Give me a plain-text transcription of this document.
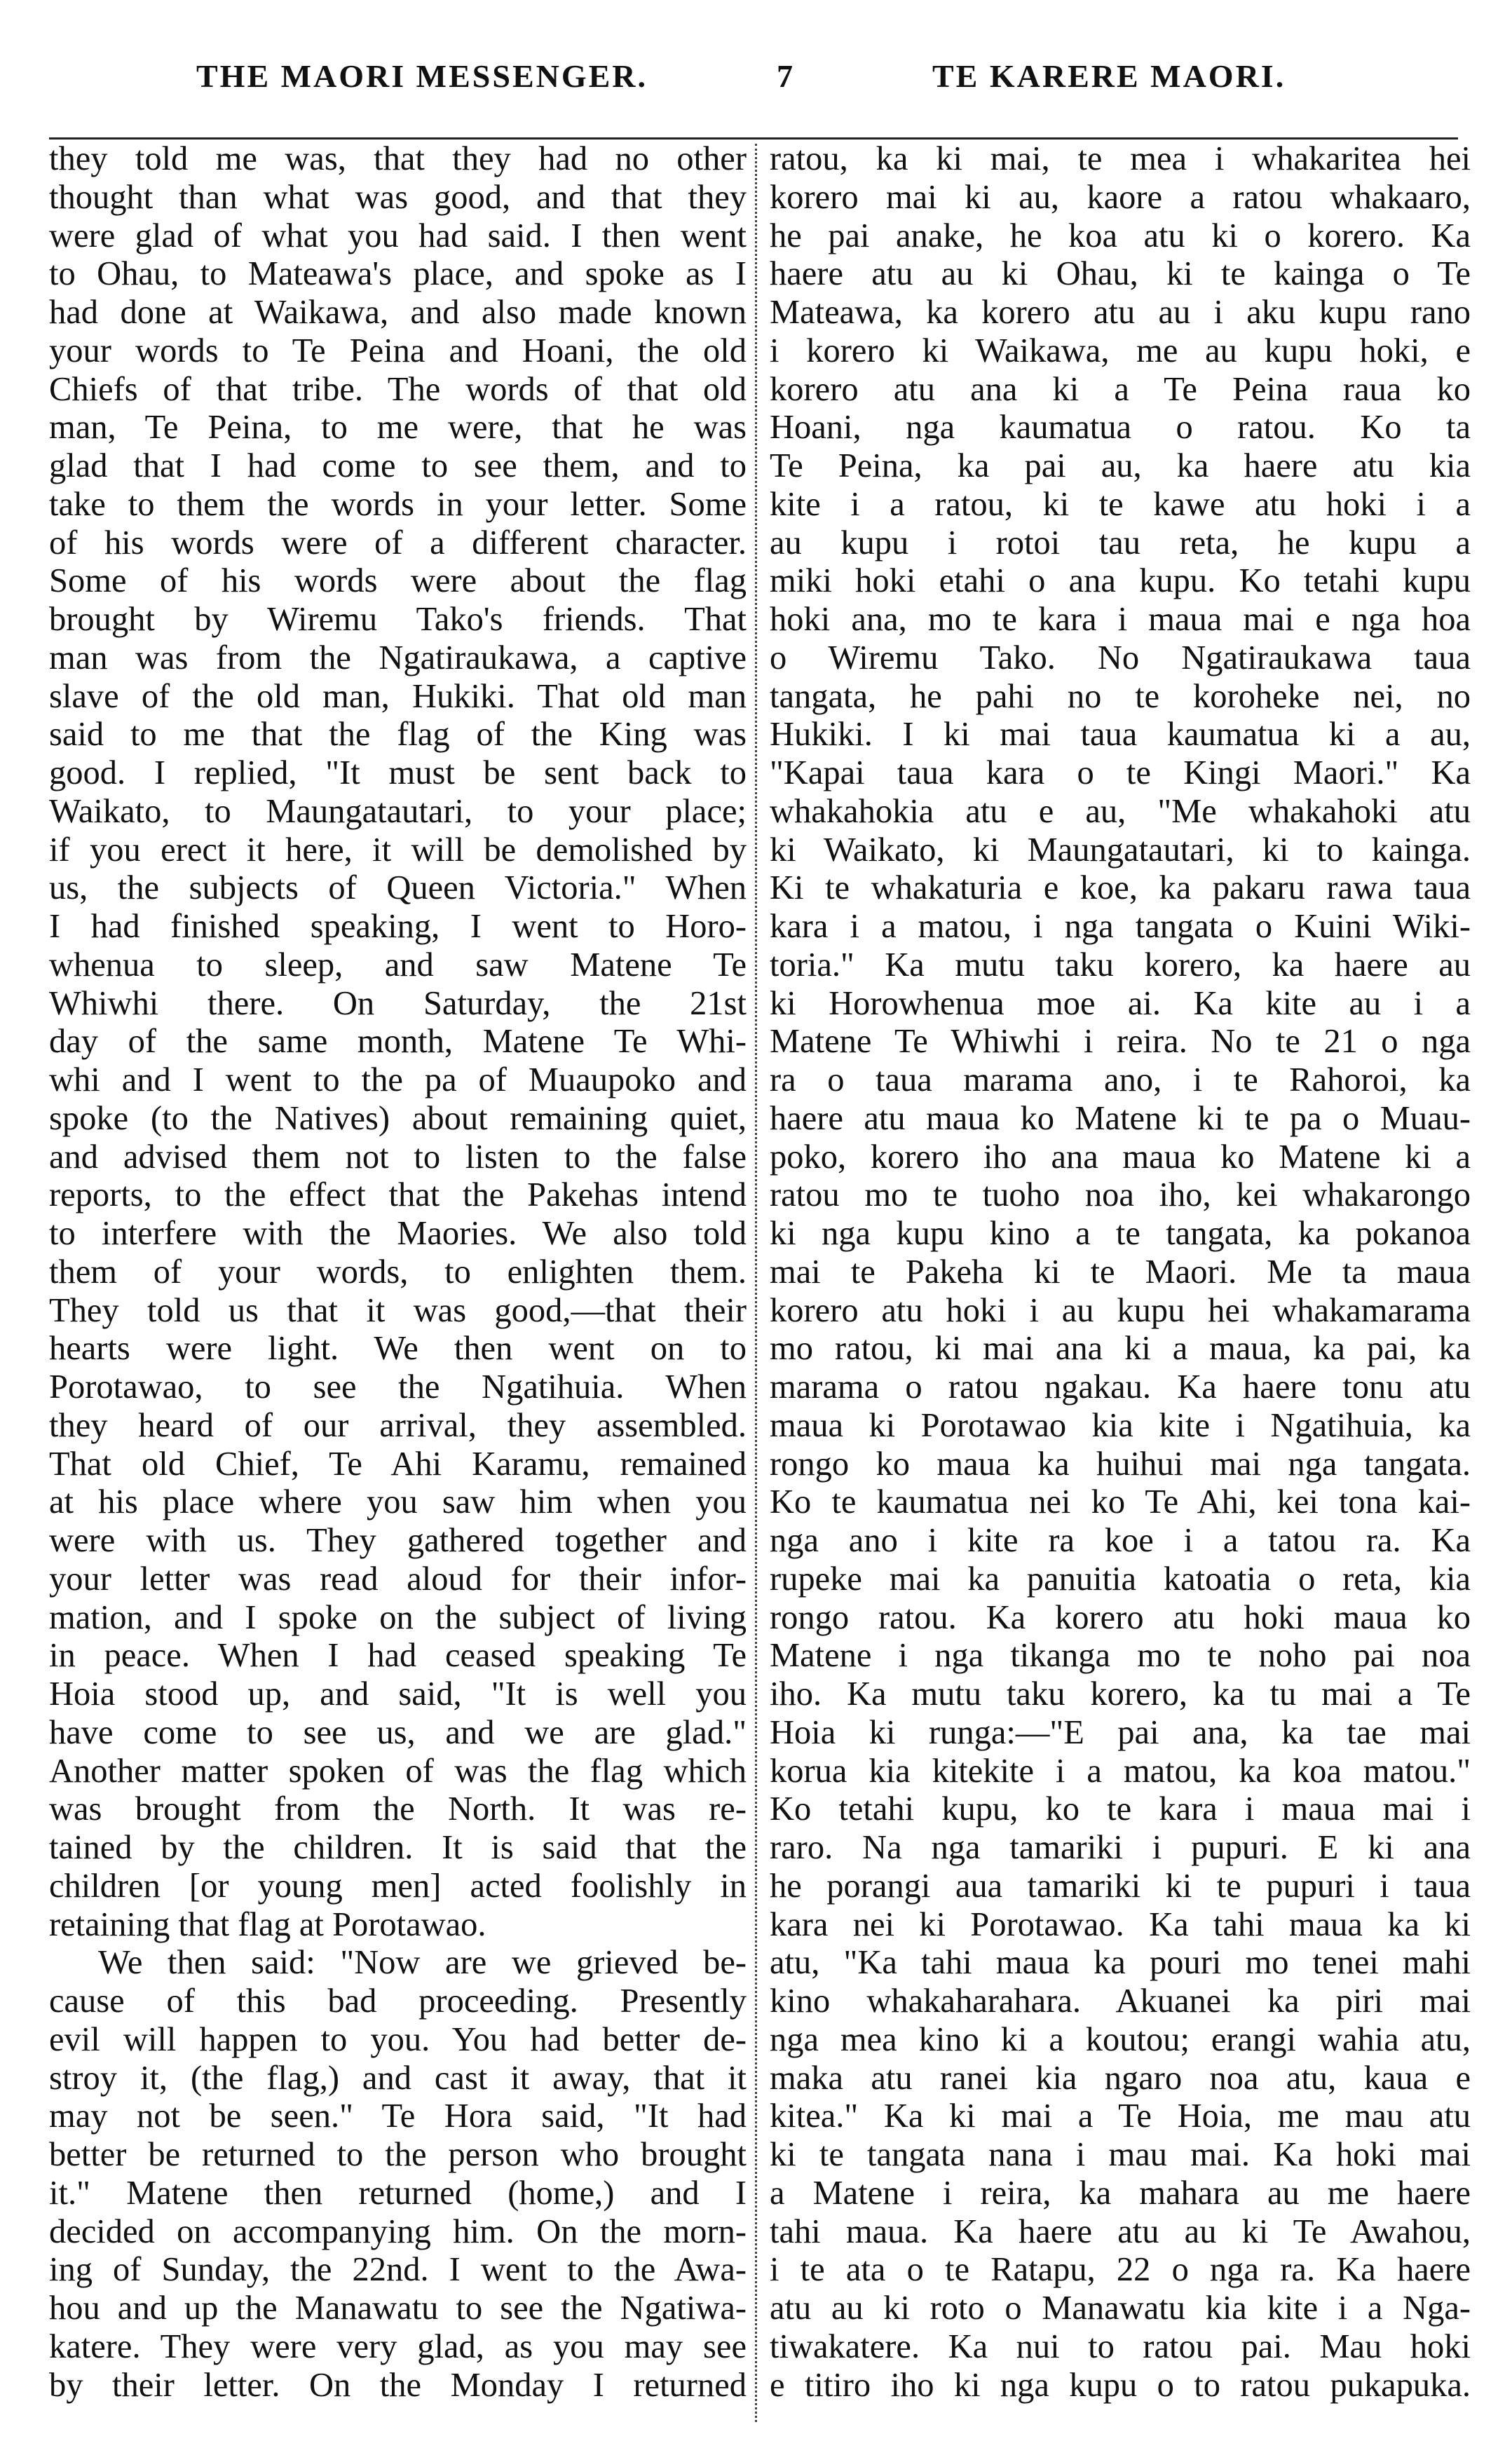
THE MAORI MESSENGER.	7	TE KARERE MAORI.
they told me was, that they had no other
thought than what was good, and that they
were glad of what you had said. I then went
to Ohau, to Mateawa's place, and spoke as I
had done at Waikawa, and also made known
your words to Te Peina and Hoani, the old
Chiefs of that tribe. The words of that old
man, Te Peina, to me were, that he was
glad that I had come to see them, and to
take to them the words in your letter. Some
of his words were of a different character.
Some of his words were about the flag
brought by Wiremu Tako's friends. That
man was from the Ngatiraukawa, a captive
slave of the old man, Hukiki. That old man
said to me that the flag of the King was
good. I replied, "It must be sent back to
Waikato, to Maungatautari, to your place;
if you erect it here, it will be demolished by
us, the subjects of Queen Victoria." When
I had finished speaking, I went to Horo-
whenua to sleep, and saw Matene Te
Whiwhi there. On Saturday, the 21st
day of the same month, Matene Te Whi-
whi and I went to the pa of Muaupoko and
spoke (to the Natives) about remaining quiet,
and advised them not to listen to the false
reports, to the effect that the Pakehas intend
to interfere with the Maories. We also told
them of your words, to enlighten them.
They told us that it was good,—that their
hearts were light. We then went on to
Porotawao, to see the Ngatihuia. When
they heard of our arrival, they assembled.
That old Chief, Te Ahi Karamu, remained
at his place where you saw him when you
were with us. They gathered together and
your letter was read aloud for their infor-
mation, and I spoke on the subject of living
in peace. When I had ceased speaking Te
Hoia stood up, and said, "It is well you
have come to see us, and we are glad."
Another matter spoken of was the flag which
was brought from the North. It was re-
tained by the children. It is said that the
children [or young men] acted foolishly in
retaining that flag at Porotawao.
We then said: "Now are we grieved be-
cause of this bad proceeding. Presently
evil will happen to you. You had better de-
stroy it, (the flag,) and cast it away, that it
may not be seen." Te Hora said, "It had
better be returned to the person who brought
it." Matene then returned (home,) and I
decided on accompanying him. On the morn-
ing of Sunday, the 22nd. I went to the Awa-
hou and up the Manawatu to see the Ngatiwa-
katere. They were very glad, as you may see
by their letter. On the Monday I returned
ratou, ka ki mai, te mea i whakaritea hei
korero mai ki au, kaore a ratou whakaaro,
he pai anake, he koa atu ki o korero. Ka
haere atu au ki Ohau, ki te kainga o Te
Mateawa, ka korero atu au i aku kupu rano
i korero ki Waikawa, me au kupu hoki, e
korero atu ana ki a Te Peina raua ko
Hoani, nga kaumatua o ratou. Ko ta
Te Peina, ka pai au, ka haere atu kia
kite i a ratou, ki te kawe atu hoki i a
au kupu i rotoi tau reta, he kupu a
miki hoki etahi o ana kupu. Ko tetahi kupu
hoki ana, mo te kara i maua mai e nga hoa
o Wiremu Tako. No Ngatiraukawa taua
tangata, he pahi no te koroheke nei, no
Hukiki. I ki mai taua kaumatua ki a au,
"Kapai taua kara o te Kingi Maori." Ka
whakahokia atu e au, "Me whakahoki atu
ki Waikato, ki Maungatautari, ki to kainga.
Ki te whakaturia e koe, ka pakaru rawa taua
kara i a matou, i nga tangata o Kuini Wiki-
toria." Ka mutu taku korero, ka haere au
ki Horowhenua moe ai. Ka kite au i a
Matene Te Whiwhi i reira. No te 21 o nga
ra o taua marama ano, i te Rahoroi, ka
haere atu maua ko Matene ki te pa o Muau-
poko, korero iho ana maua ko Matene ki a
ratou mo te tuoho noa iho, kei whakarongo
ki nga kupu kino a te tangata, ka pokanoa
mai te Pakeha ki te Maori. Me ta maua
korero atu hoki i au kupu hei whakamarama
mo ratou, ki mai ana ki a maua, ka pai, ka
marama o ratou ngakau. Ka haere tonu atu
maua ki Porotawao kia kite i Ngatihuia, ka
rongo ko maua ka huihui mai nga tangata.
Ko te kaumatua nei ko Te Ahi, kei tona kai-
nga ano i kite ra koe i a tatou ra. Ka
rupeke mai ka panuitia katoatia o reta, kia
rongo ratou. Ka korero atu hoki maua ko
Matene i nga tikanga mo te noho pai noa
iho. Ka mutu taku korero, ka tu mai a Te
Hoia ki runga:—"E pai ana, ka tae mai
korua kia kitekite i a matou, ka koa matou."
Ko tetahi kupu, ko te kara i maua mai i
raro. Na nga tamariki i pupuri. E ki ana
he porangi aua tamariki ki te pupuri i taua
kara nei ki Porotawao. Ka tahi maua ka ki
atu, "Ka tahi maua ka pouri mo tenei mahi
kino whakaharahara. Akuanei ka piri mai
nga mea kino ki a koutou; erangi wahia atu,
maka atu ranei kia ngaro noa atu, kaua e
kitea." Ka ki mai a Te Hoia, me mau atu
ki te tangata nana i mau mai. Ka hoki mai
a Matene i reira, ka mahara au me haere
tahi maua. Ka haere atu au ki Te Awahou,
i te ata o te Ratapu, 22 o nga ra. Ka haere
atu au ki roto o Manawatu kia kite i a Nga-
tiwakatere. Ka nui to ratou pai. Mau hoki
e titiro iho ki nga kupu o to ratou pukapuka.
